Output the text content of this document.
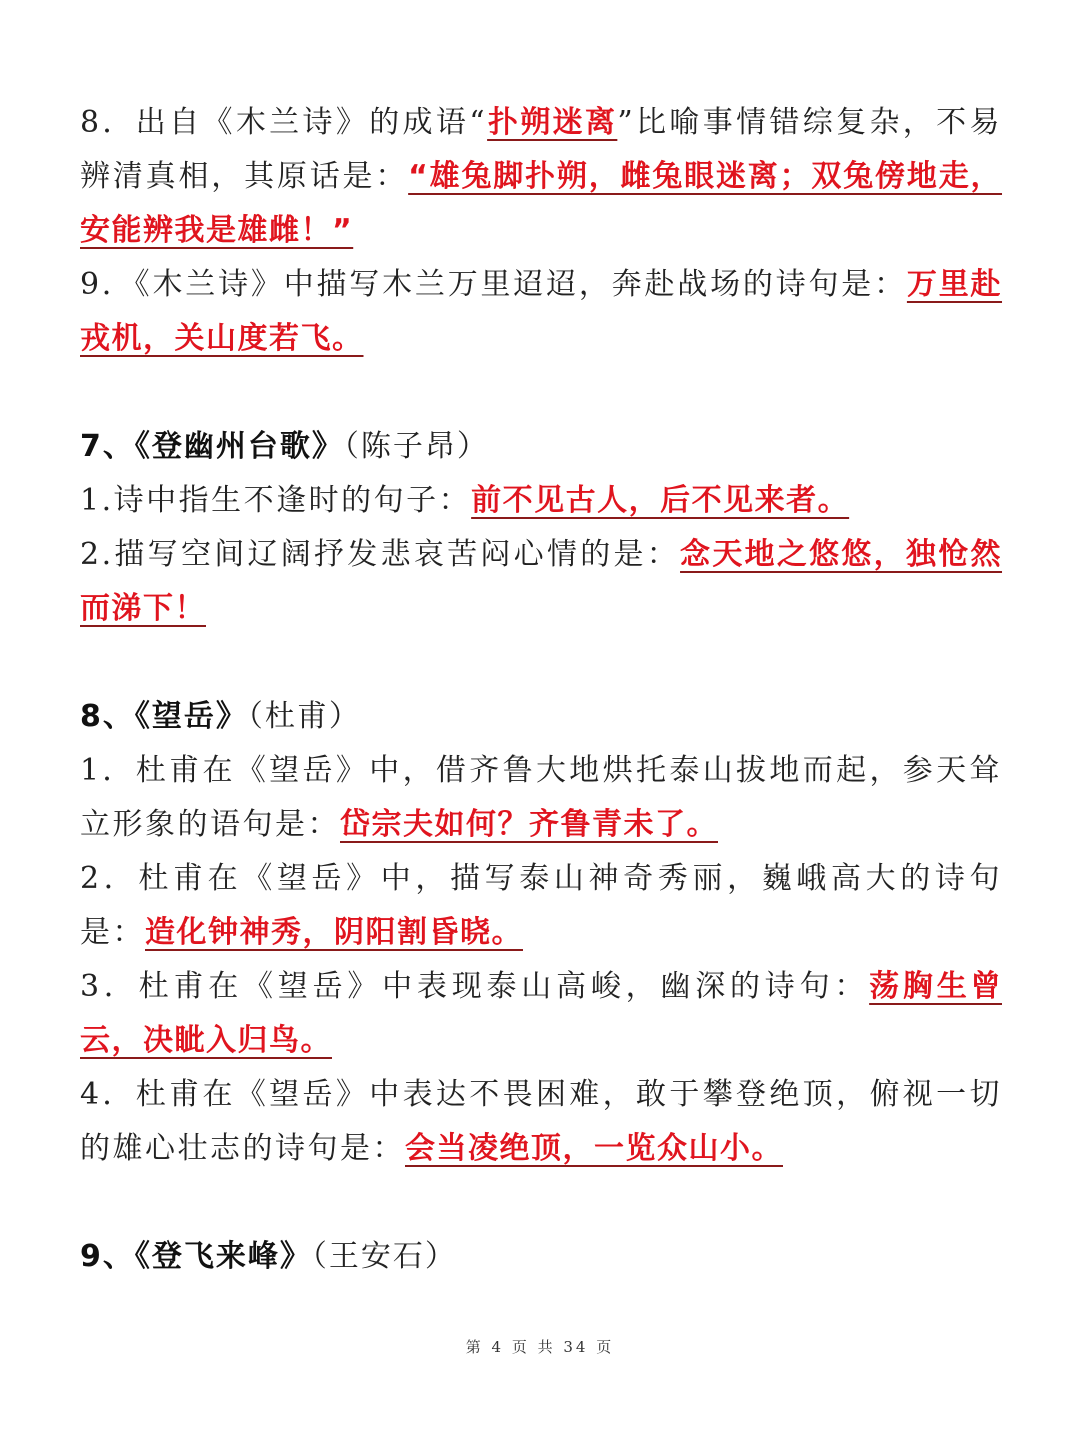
8．出自《木兰诗》的成语“扑朔迷离”比喻事情错综复杂，不易辨清真相，其原话是：“雄兔脚扑朔，雌兔眼迷离；双兔傍地走，安能辨我是雄雌！”

9．《木兰诗》中描写木兰万里迢迢，奔赴战场的诗句是：万里赴戎机，关山度若飞。

7、《登幽州台歌》（陈子昂）

1.诗中指生不逢时的句子：前不见古人，后不见来者。

2.描写空间辽阔抒发悲哀苦闷心情的是：念天地之悠悠，独怆然而涕下！

8、《望岳》（杜甫）

1．杜甫在《望岳》中，借齐鲁大地烘托泰山拔地而起，参天耸立形象的语句是：岱宗夫如何？齐鲁青未了。

2．杜甫在《望岳》中，描写泰山神奇秀丽，巍峨高大的诗句是：造化钟神秀，阴阳割昏晓。

3．杜甫在《望岳》中表现泰山高峻，幽深的诗句：荡胸生曾云，决眦入归鸟。

4．杜甫在《望岳》中表达不畏困难，敢于攀登绝顶，俯视一切的雄心壮志的诗句是：会当凌绝顶，一览众山小。

9、《登飞来峰》（王安石）

第 4 页 共 34 页
